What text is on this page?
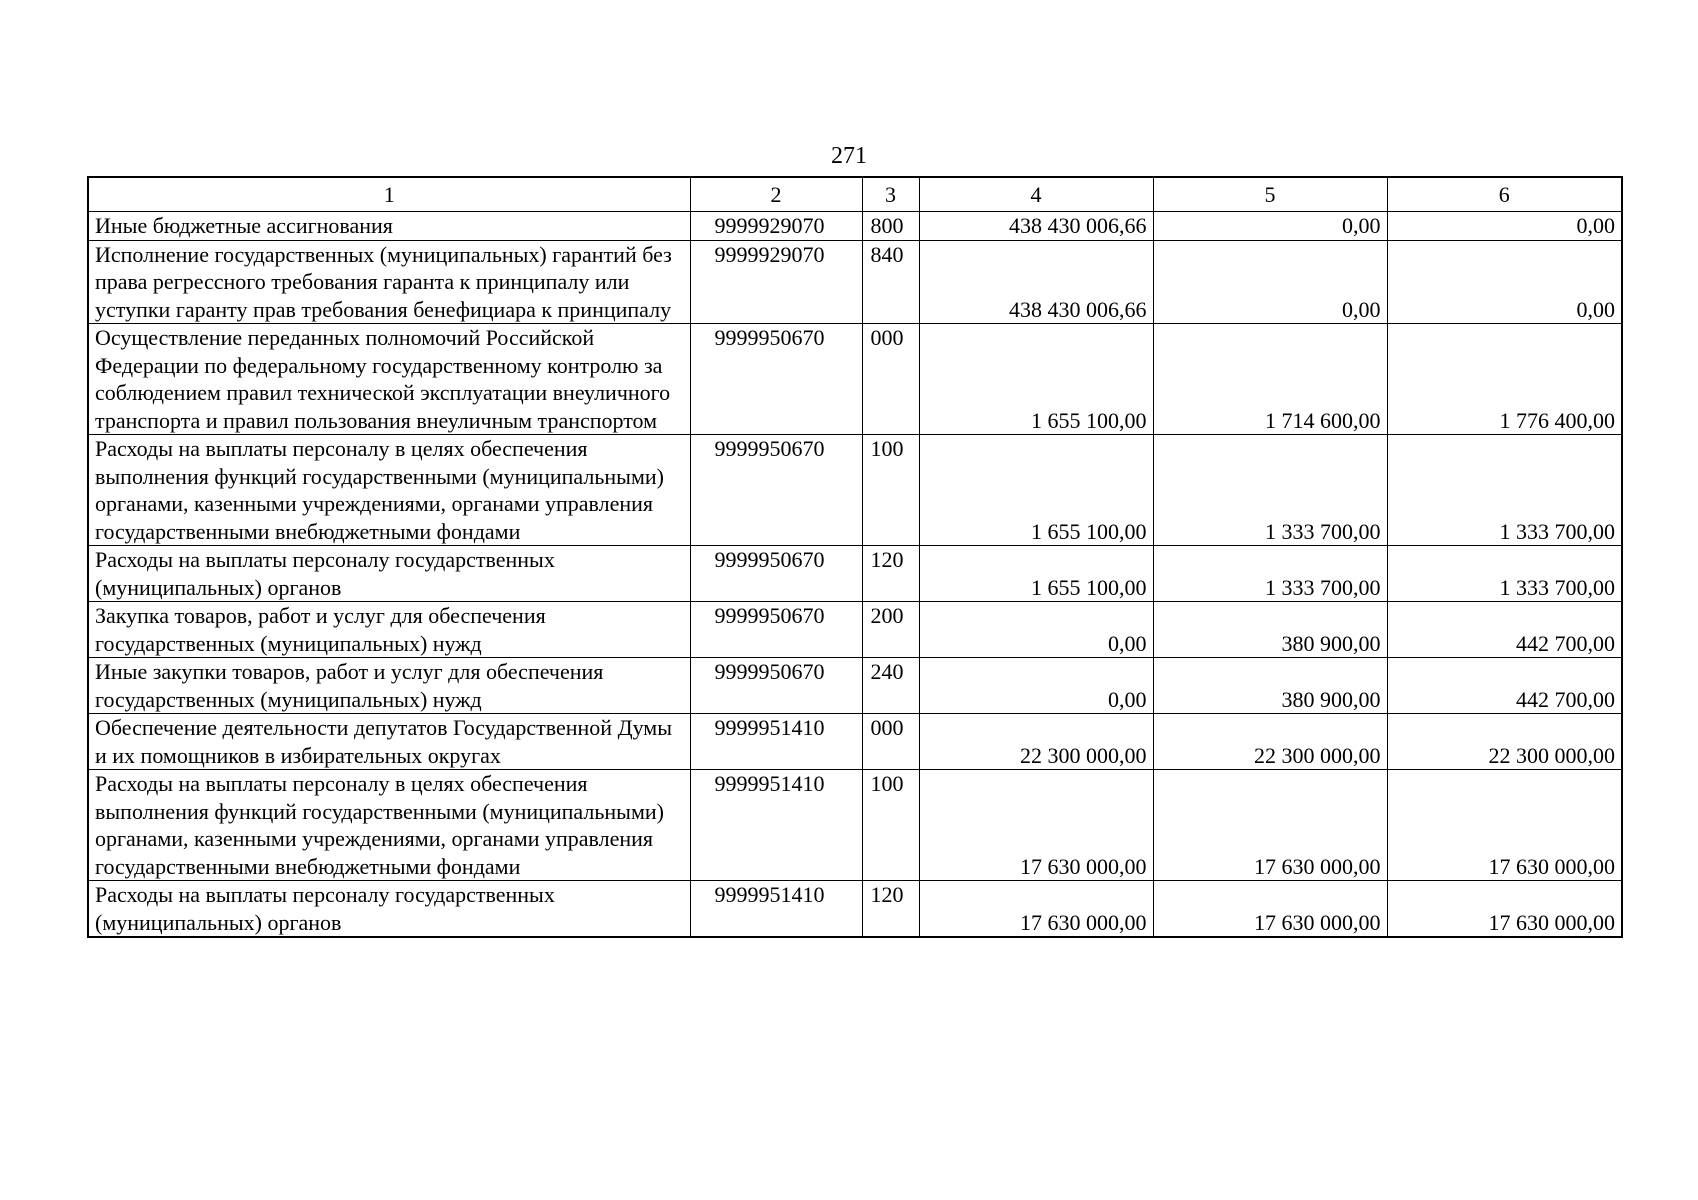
271
1	2	3	4	5	6
Иные бюджетные ассигнования	9999929070	800	438 430 006,66	0,00	0,00
Исполнение государственных (муниципальных) гарантий без права регрессного требования гаранта к принципалу или уступки гаранту прав требования бенефициара к принципалу	9999929070	840	438 430 006,66	0,00	0,00
Осуществление переданных полномочий Российской Федерации по федеральному государственному контролю за соблюдением правил технической эксплуатации внеуличного транспорта и правил пользования внеуличным транспортом	9999950670	000	1 655 100,00	1 714 600,00	1 776 400,00
Расходы на выплаты персоналу в целях обеспечения выполнения функций государственными (муниципальными) органами, казенными учреждениями, органами управления государственными внебюджетными фондами	9999950670	100	1 655 100,00	1 333 700,00	1 333 700,00
Расходы на выплаты персоналу государственных (муниципальных) органов	9999950670	120	1 655 100,00	1 333 700,00	1 333 700,00
Закупка товаров, работ и услуг для обеспечения государственных (муниципальных) нужд	9999950670	200	0,00	380 900,00	442 700,00
Иные закупки товаров, работ и услуг для обеспечения государственных (муниципальных) нужд	9999950670	240	0,00	380 900,00	442 700,00
Обеспечение деятельности депутатов Государственной Думы и их помощников в избирательных округах	9999951410	000	22 300 000,00	22 300 000,00	22 300 000,00
Расходы на выплаты персоналу в целях обеспечения выполнения функций государственными (муниципальными) органами, казенными учреждениями, органами управления государственными внебюджетными фондами	9999951410	100	17 630 000,00	17 630 000,00	17 630 000,00
Расходы на выплаты персоналу государственных (муниципальных) органов	9999951410	120	17 630 000,00	17 630 000,00	17 630 000,00
